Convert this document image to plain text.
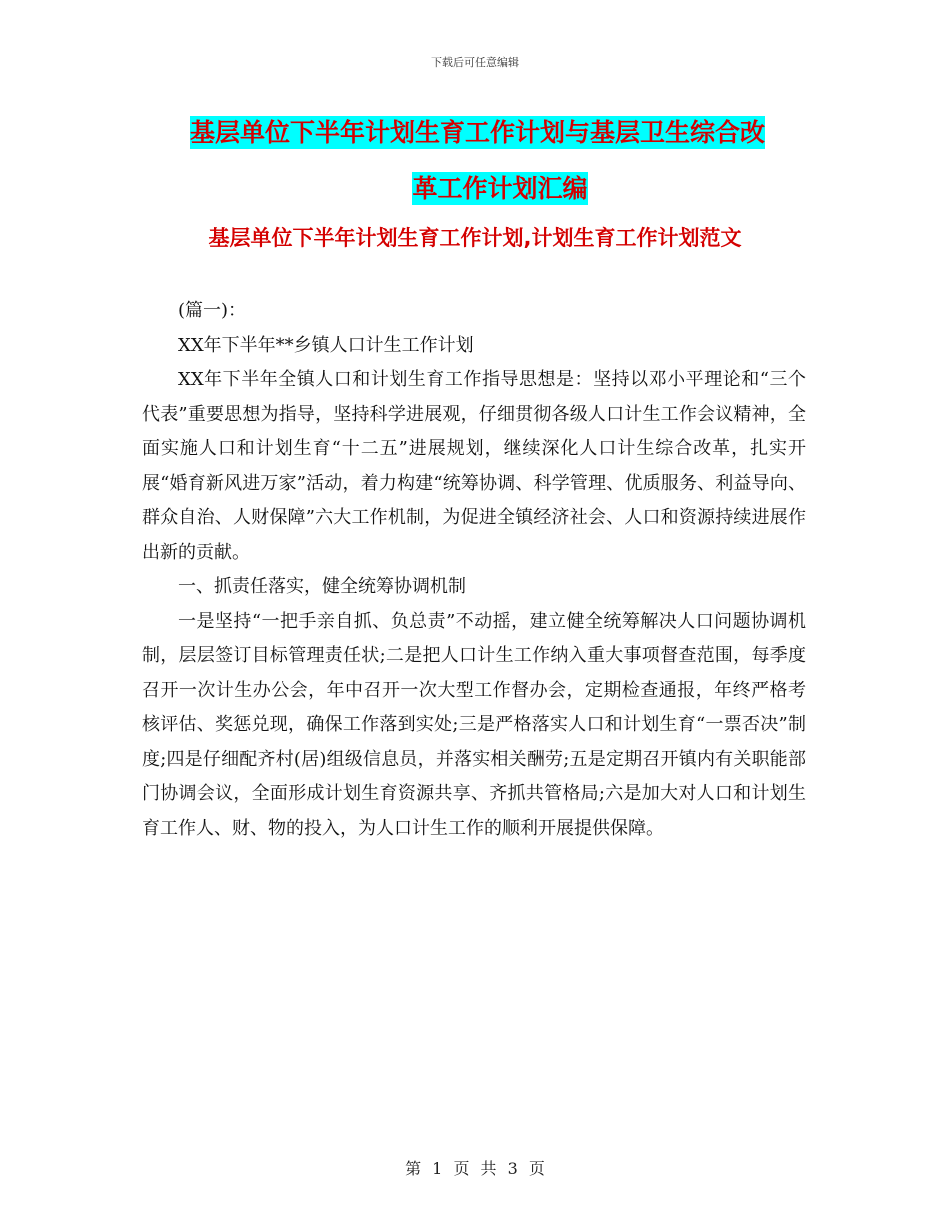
下载后可任意编辑
基层单位下半年计划生育工作计划与基层卫生综合改
革工作计划汇编
基层单位下半年计划生育工作计划,计划生育工作计划范文

(篇一)：

XX年下半年**乡镇人口计生工作计划

XX年下半年全镇人口和计划生育工作指导思想是：坚持以邓小平理论和“三个代表”重要思想为指导，坚持科学进展观，仔细贯彻各级人口计生工作会议精神，全面实施人口和计划生育“十二五”进展规划，继续深化人口计生综合改革，扎实开展“婚育新风进万家”活动，着力构建“统筹协调、科学管理、优质服务、利益导向、群众自治、人财保障”六大工作机制，为促进全镇经济社会、人口和资源持续进展作出新的贡献。

一、抓责任落实，健全统筹协调机制

一是坚持“一把手亲自抓、负总责”不动摇，建立健全统筹解决人口问题协调机制，层层签订目标管理责任状;二是把人口计生工作纳入重大事项督查范围，每季度召开一次计生办公会，年中召开一次大型工作督办会，定期检查通报，年终严格考核评估、奖惩兑现，确保工作落到实处;三是严格落实人口和计划生育“一票否决”制度;四是仔细配齐村(居)组级信息员，并落实相关酬劳;五是定期召开镇内有关职能部门协调会议，全面形成计划生育资源共享、齐抓共管格局;六是加大对人口和计划生育工作人、财、物的投入，为人口计生工作的顺利开展提供保障。

第 1 页 共 3 页
